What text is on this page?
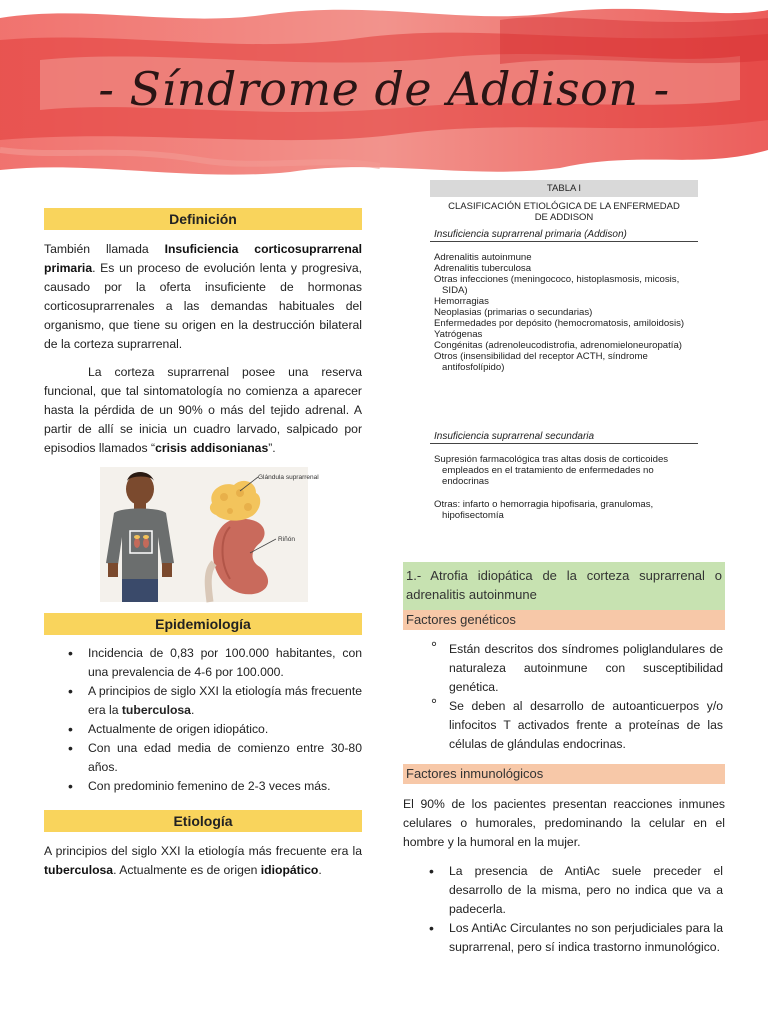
- Síndrome de Addison -
Definición
También llamada Insuficiencia corticosuprarrenal primaria. Es un proceso de evolución lenta y progresiva, causado por la oferta insuficiente de hormonas corticosuprarrenales a las demandas habituales del organismo, que tiene su origen en la destrucción bilateral de la corteza suprarrenal.
La corteza suprarrenal posee una reserva funcional, que tal sintomatología no comienza a aparecer hasta la pérdida de un 90% o más del tejido adrenal. A partir de allí se inicia un cuadro larvado, salpicado por episodios llamados “crisis addisonianas”.
Glándula suprarrenal
Riñón
Epidemiología
• Incidencia de 0,83 por 100.000 habitantes, con una prevalencia de 4-6 por 100.000.
• A principios de siglo XXI la etiología más frecuente era la tuberculosa.
• Actualmente de origen idiopático.
• Con una edad media de comienzo entre 30-80 años.
• Con predominio femenino de 2-3 veces más.
Etiología
A principios del siglo XXI la etiología más frecuente era la tuberculosa. Actualmente es de origen idiopático.
TABLA I
CLASIFICACIÓN ETIOLÓGICA DE LA ENFERMEDAD DE ADDISON
Insuficiencia suprarrenal primaria (Addison)
Adrenalitis autoinmune
Adrenalitis tuberculosa
Otras infecciones (meningococo, histoplasmosis, micosis, SIDA)
Hemorragias
Neoplasias (primarias o secundarias)
Enfermedades por depósito (hemocromatosis, amiloidosis)
Yatrógenas
Congénitas (adrenoleucodistrofia, adrenomieloneuropatía)
Otros (insensibilidad del receptor ACTH, síndrome antifosfolípido)
Insuficiencia suprarrenal secundaria
Supresión farmacológica tras altas dosis de corticoides empleados en el tratamiento de enfermedades no endocrinas
Otras: infarto o hemorragia hipofisaria, granulomas, hipofisectomía
1.- Atrofia idiopática de la corteza suprarrenal o adrenalitis autoinmune
Factores genéticos
° Están descritos dos síndromes poliglandulares de naturaleza autoinmune con susceptibilidad genética.
° Se deben al desarrollo de autoanticuerpos y/o linfocitos T activados frente a proteínas de las células de glándulas endocrinas.
Factores inmunológicos
El 90% de los pacientes presentan reacciones inmunes celulares o humorales, predominando la celular en el hombre y la humoral en la mujer.
• La presencia de AntiAc suele preceder el desarrollo de la misma, pero no indica que va a padecerla.
• Los AntiAc Circulantes no son perjudiciales para la suprarrenal, pero sí indica trastorno inmunológico.
